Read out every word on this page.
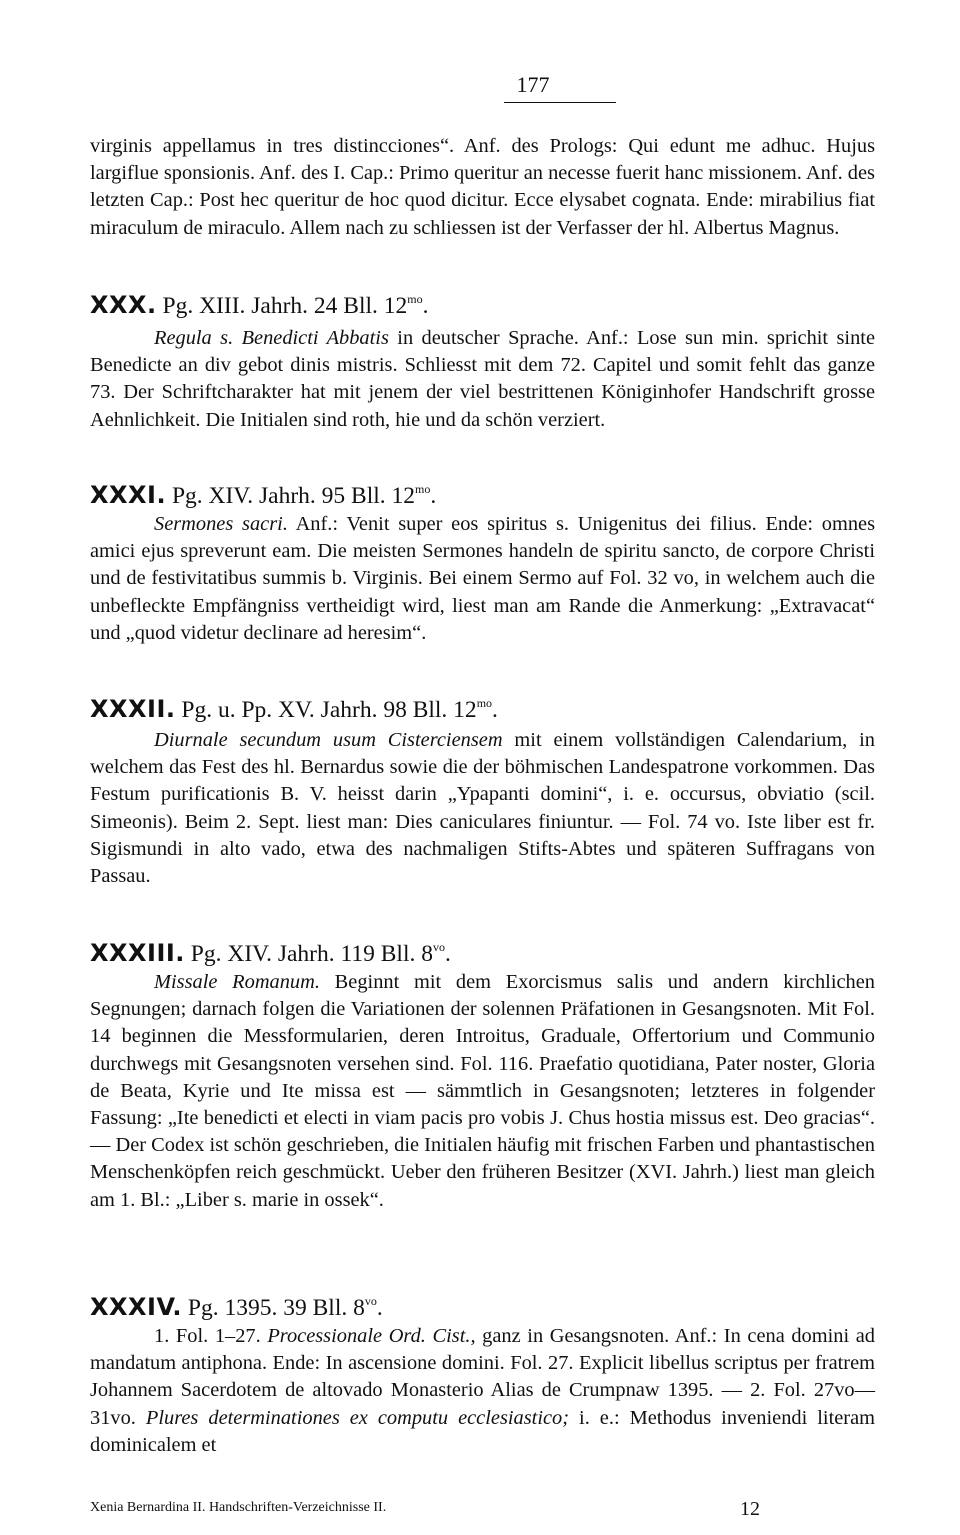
177

virginis appellamus in tres distincciones“. Anf. des Prologs: Qui edunt me adhuc. Hujus largiflue sponsionis. Anf. des I. Cap.: Primo queritur an necesse fuerit hanc missionem. Anf. des letzten Cap.: Post hec queritur de hoc quod dicitur. Ecce elysabet cognata. Ende: mirabilius fiat miraculum de miraculo. Allem nach zu schliessen ist der Verfasser der hl. Albertus Magnus.

XXX. Pg. XIII. Jahrh. 24 Bll. $12^{mo}$.

Regula s. Benedicti Abbatis in deutscher Sprache. Anf.: Lose sun min. sprichit sinte Benedicte an div gebot dinis mistris. Schliesst mit dem 72. Capitel und somit fehlt das ganze 73. Der Schriftcharakter hat mit jenem der viel bestrittenen Königinhofer Handschrift grosse Aehnlichkeit. Die Initialen sind roth, hie und da schön verziert.

XXXI. Pg. XIV. Jahrh. 95 Bll. $12^{mo}$.

Sermones sacri. Anf.: Venit super eos spiritus s. Unigenitus dei filius. Ende: omnes amici ejus spreverunt eam. Die meisten Sermones handeln de spiritu sancto, de corpore Christi und de festivitatibus summis b. Virginis. Bei einem Sermo auf Fol. 32 vo, in welchem auch die unbefleckte Empfängniss vertheidigt wird, liest man am Rande die Anmerkung: „Extravacat“ und „quod videtur declinare ad heresim“.

XXXII. Pg. u. Pp. XV. Jahrh. 98 Bll. $12^{mo}$.

Diurnale secundum usum Cisterciensem mit einem vollständigen Calendarium, in welchem das Fest des hl. Bernardus sowie die der böhmischen Landespatrone vorkommen. Das Festum purificationis B. V. heisst darin „Ypapanti domini“, i. e. occursus, obviatio (scil. Simeonis). Beim 2. Sept. liest man: Dies caniculares finiuntur. — Fol. 74 vo. Iste liber est fr. Sigismundi in alto vado, etwa des nachmaligen Stifts-Abtes und späteren Suffragans von Passau.

XXXIII. Pg. XIV. Jahrh. 119 Bll. $8^{vo}$.

Missale Romanum. Beginnt mit dem Exorcismus salis und andern kirchlichen Segnungen; darnach folgen die Variationen der solennen Präfationen in Gesangsnoten. Mit Fol. 14 beginnen die Messformularien, deren Introitus, Graduale, Offertorium und Communio durchwegs mit Gesangsnoten versehen sind. Fol. 116. Praefatio quotidiana, Pater noster, Gloria de Beata, Kyrie und Ite missa est — sämmtlich in Gesangsnoten; letzteres in folgender Fassung: „Ite benedicti et electi in viam pacis pro vobis J. Chus hostia missus est. Deo gracias“. — Der Codex ist schön geschrieben, die Initialen häufig mit frischen Farben und phantastischen Menschenköpfen reich geschmückt. Ueber den früheren Besitzer (XVI. Jahrh.) liest man gleich am 1. Bl.: „Liber s. marie in ossek“.

XXXIV. Pg. 1395. 39 Bll. $8^{vo}$.

1. Fol. 1–27. Processionale Ord. Cist., ganz in Gesangsnoten. Anf.: In cena domini ad mandatum antiphona. Ende: In ascensione domini. Fol. 27. Explicit libellus scriptus per fratrem Johannem Sacerdotem de altovado Monasterio Alias de Crumpnaw 1395. — 2. Fol. 27vo—31vo. Plures determinationes ex computu ecclesiastico; i. e.: Methodus inveniendi literam dominicalem et

Xenia Bernardina II. Handschriften-Verzeichnisse II.	12
